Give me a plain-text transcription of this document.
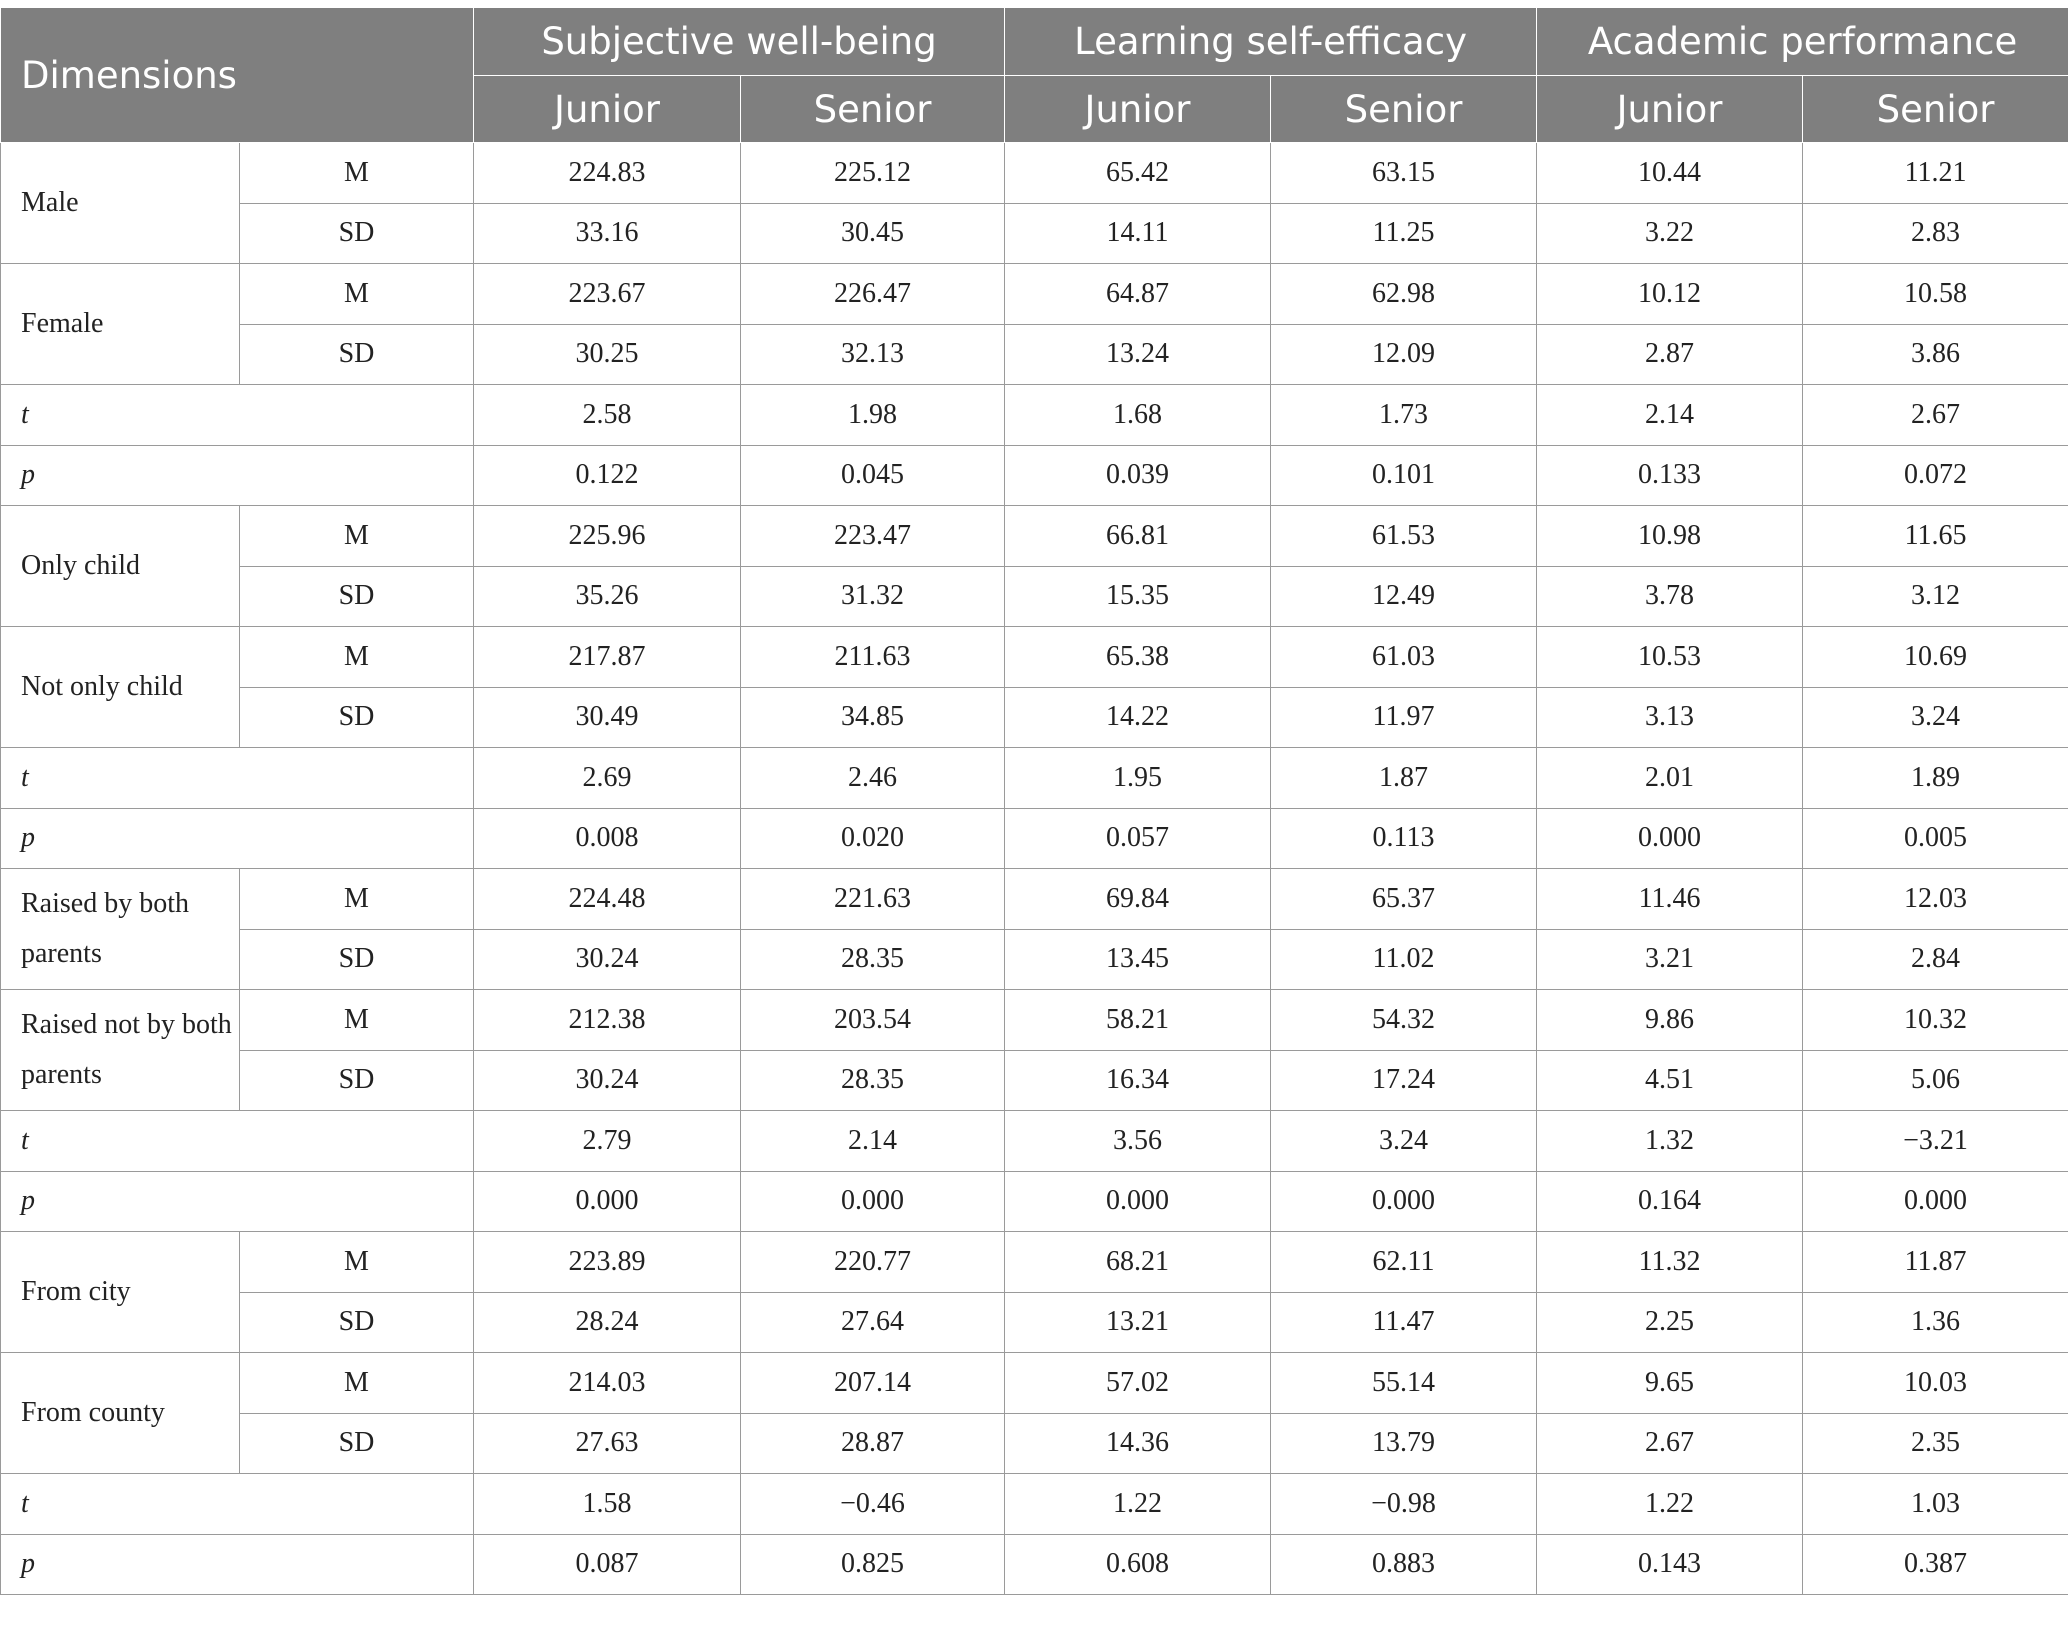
Dimensions		Subjective well-being		Learning self-efficacy		Academic performance	
		Junior	Senior	Junior	Senior	Junior	Senior
Male	M	224.83	225.12	65.42	63.15	10.44	11.21
	SD	33.16	30.45	14.11	11.25	3.22	2.83
Female	M	223.67	226.47	64.87	62.98	10.12	10.58
	SD	30.25	32.13	13.24	12.09	2.87	3.86
t		2.58	1.98	1.68	1.73	2.14	2.67
p		0.122	0.045	0.039	0.101	0.133	0.072
Only child	M	225.96	223.47	66.81	61.53	10.98	11.65
	SD	35.26	31.32	15.35	12.49	3.78	3.12
Not only child	M	217.87	211.63	65.38	61.03	10.53	10.69
	SD	30.49	34.85	14.22	11.97	3.13	3.24
t		2.69	2.46	1.95	1.87	2.01	1.89
p		0.008	0.020	0.057	0.113	0.000	0.005
Raised by both parents	M	224.48	221.63	69.84	65.37	11.46	12.03
	SD	30.24	28.35	13.45	11.02	3.21	2.84
Raised not by both parents	M	212.38	203.54	58.21	54.32	9.86	10.32
	SD	30.24	28.35	16.34	17.24	4.51	5.06
t		2.79	2.14	3.56	3.24	1.32	−3.21
p		0.000	0.000	0.000	0.000	0.164	0.000
From city	M	223.89	220.77	68.21	62.11	11.32	11.87
	SD	28.24	27.64	13.21	11.47	2.25	1.36
From county	M	214.03	207.14	57.02	55.14	9.65	10.03
	SD	27.63	28.87	14.36	13.79	2.67	2.35
t		1.58	−0.46	1.22	−0.98	1.22	1.03
p		0.087	0.825	0.608	0.883	0.143	0.387
